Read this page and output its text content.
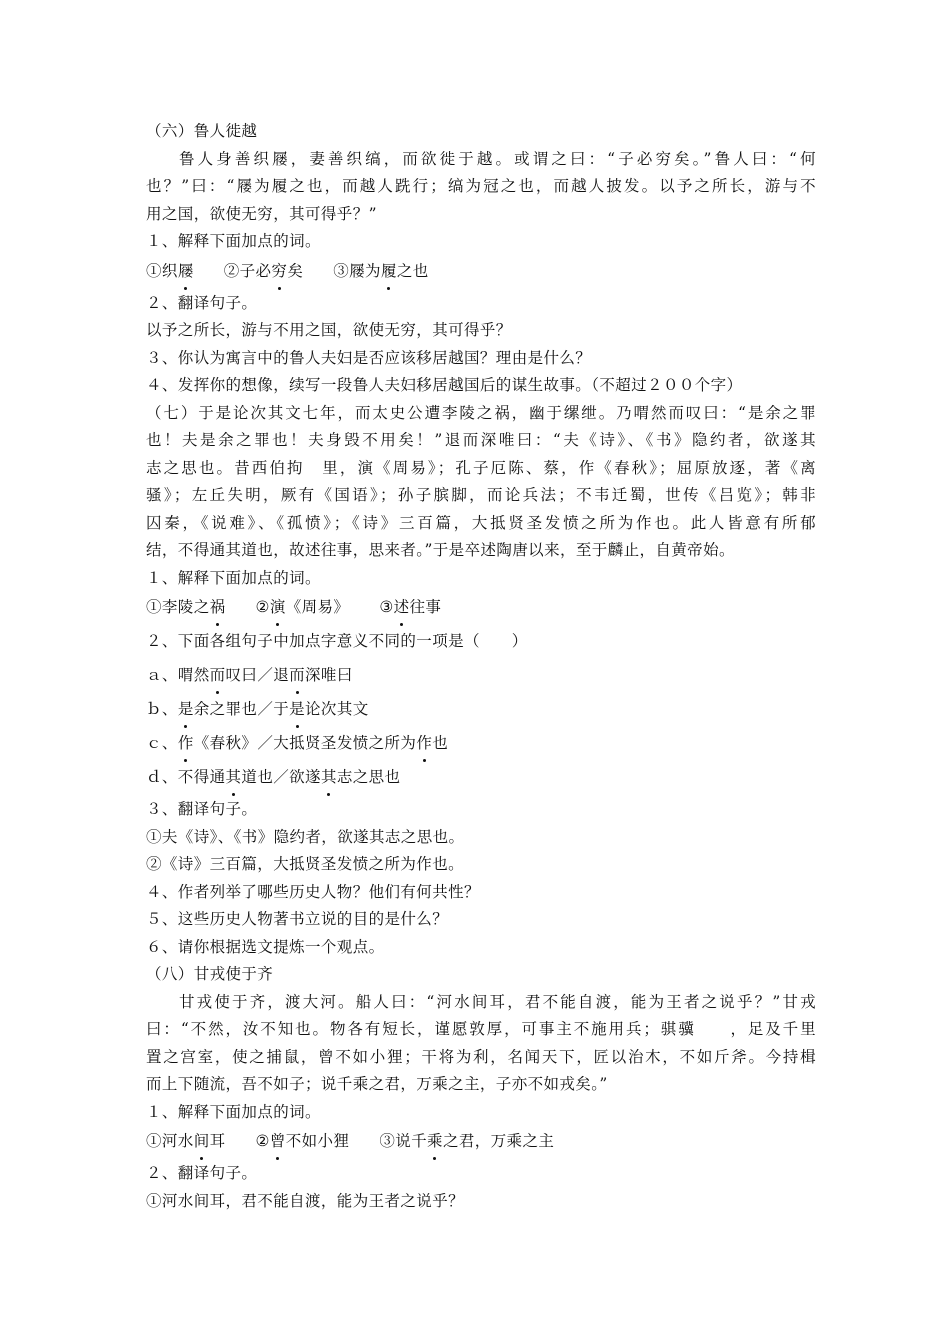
（六）鲁人徙越
鲁人身善织屦，妻善织缟，而欲徙于越。或谓之曰：“子必穷矣。”鲁人曰：“何
也？”曰：“屦为履之也，而越人跣行；缟为冠之也，而越人披发。以予之所长，游与不
用之国，欲使无穷，其可得乎？”
１、解释下面加点的词。
①织屦 ②子必穷矣 ③屦为履之也
２、翻译句子。
以予之所长，游与不用之国，欲使无穷，其可得乎？
３、你认为寓言中的鲁人夫妇是否应该移居越国？理由是什么？
４、发挥你的想像，续写一段鲁人夫妇移居越国后的谋生故事。（不超过２００个字）
（七）于是论次其文七年，而太史公遭李陵之祸，幽于缧绁。乃喟然而叹曰：“是余之罪
也！夫是余之罪也！夫身毁不用矣！”退而深唯曰：“夫《诗》、《书》隐约者，欲遂其
志之思也。昔西伯拘　里，演《周易》；孔子厄陈、蔡，作《春秋》；屈原放逐，著《离
骚》；左丘失明，厥有《国语》；孙子膑脚，而论兵法；不韦迁蜀，世传《吕览》；韩非
囚秦，《说难》、《孤愤》；《诗》三百篇，大抵贤圣发愤之所为作也。此人皆意有所郁
结，不得通其道也，故述往事，思来者。”于是卒述陶唐以来，至于麟止，自黄帝始。
１、解释下面加点的词。
①李陵之祸 ②演《周易》 ③述往事
２、下面各组句子中加点字意义不同的一项是（　　）
ａ、喟然而叹曰／退而深唯曰
ｂ、是余之罪也／于是论次其文
ｃ、作《春秋》／大抵贤圣发愤之所为作也
ｄ、不得通其道也／欲遂其志之思也
３、翻译句子。
①夫《诗》、《书》隐约者，欲遂其志之思也。
②《诗》三百篇，大抵贤圣发愤之所为作也。
４、作者列举了哪些历史人物？他们有何共性？
５、这些历史人物著书立说的目的是什么？
６、请你根据选文提炼一个观点。
（八）甘戎使于齐
甘戎使于齐，渡大河。船人曰：“河水间耳，君不能自渡，能为王者之说乎？”甘戎
曰：“不然，汝不知也。物各有短长，谨愿敦厚，可事主不施用兵；骐骥　　，足及千里
置之宫室，使之捕鼠，曾不如小狸；干将为利，名闻天下，匠以治木，不如斤斧。今持楫
而上下随流，吾不如子；说千乘之君，万乘之主，子亦不如戎矣。”
１、解释下面加点的词。
①河水间耳 ②曾不如小狸 ③说千乘之君，万乘之主
２、翻译句子。
①河水间耳，君不能自渡，能为王者之说乎？
